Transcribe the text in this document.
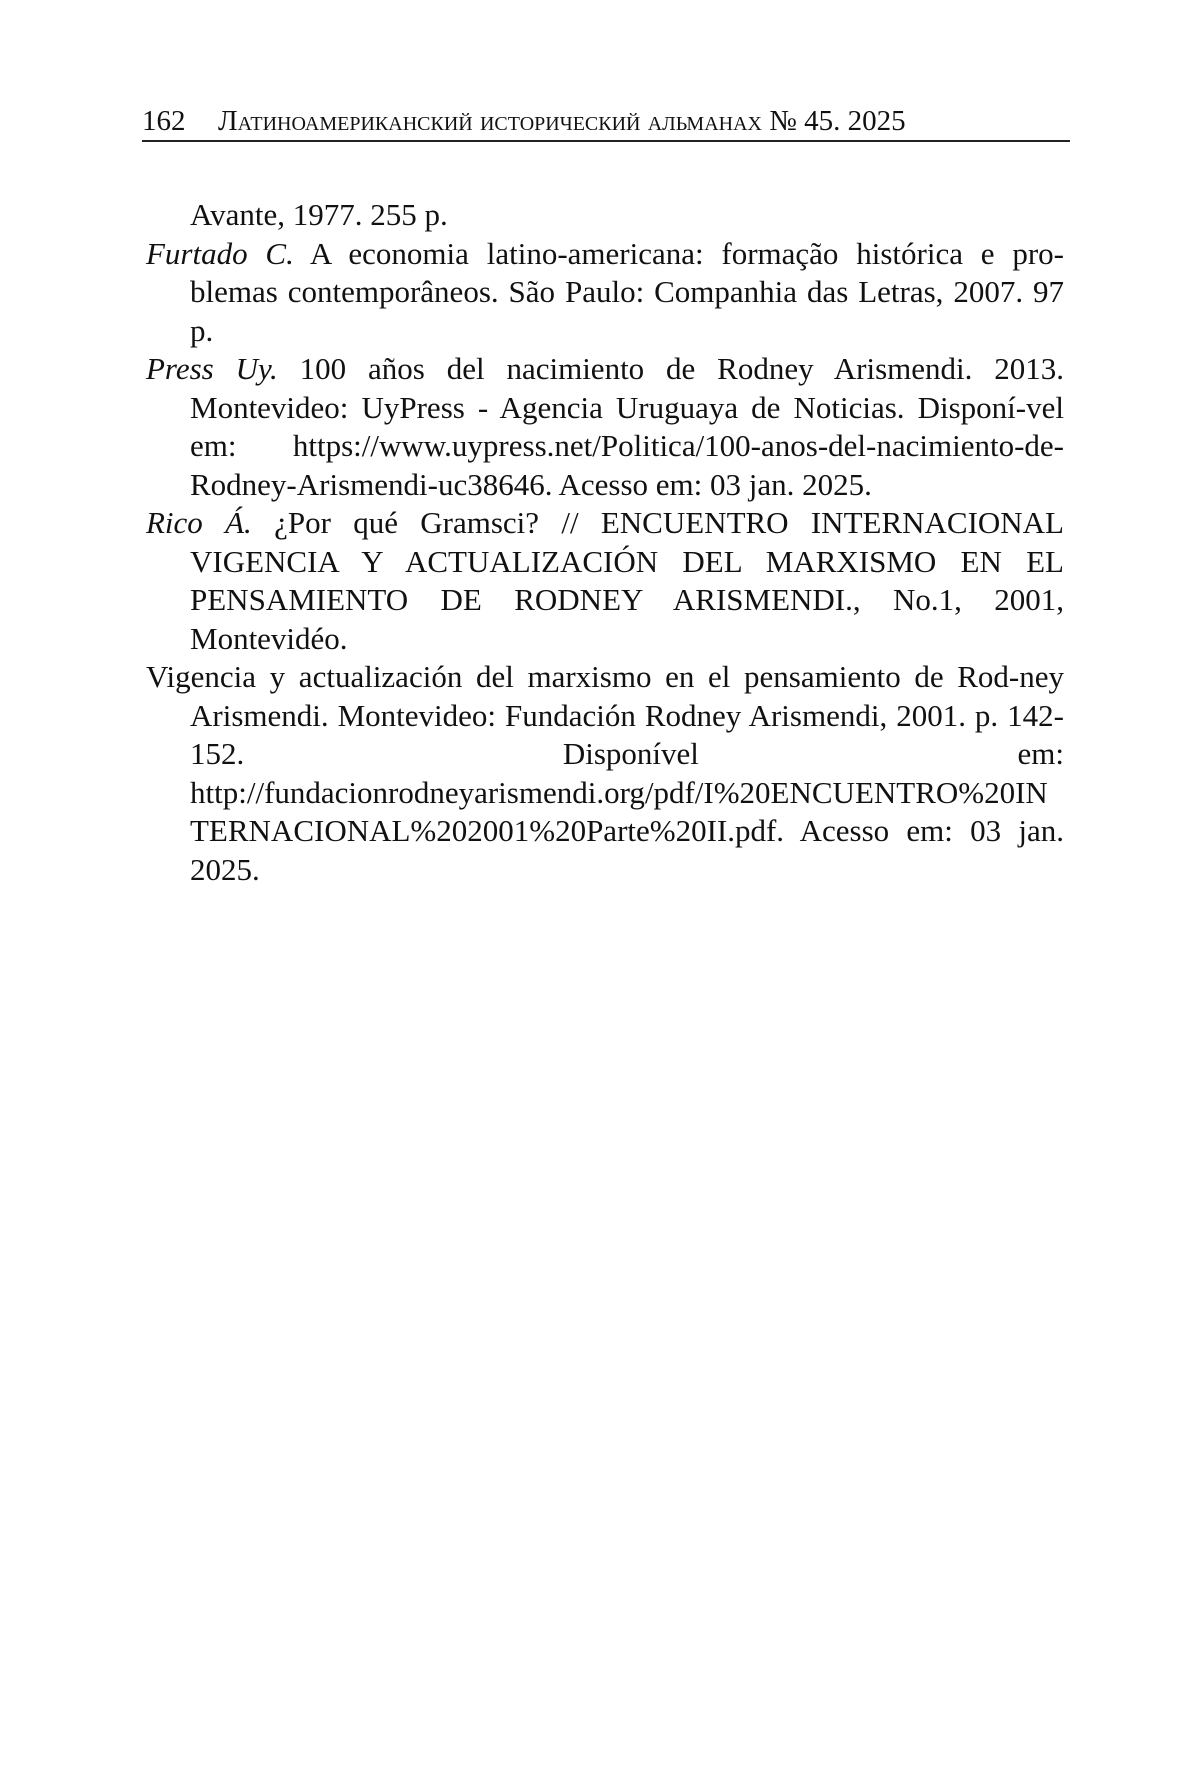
162 Латиноамериканский исторический альманах № 45. 2025

Avante, 1977. 255 p.

Furtado C. A economia latino-americana: formação histórica e pro-blemas contemporâneos. São Paulo: Companhia das Letras, 2007. 97 p.

Press Uy. 100 años del nacimiento de Rodney Arismendi. 2013. Montevideo: UyPress - Agencia Uruguaya de Noticias. Disponí-vel em: https://www.uypress.net/Politica/100-anos-del-nacimiento-de-Rodney-Arismendi-uc38646. Acesso em: 03 jan. 2025.

Rico Á. ¿Por qué Gramsci? // ENCUENTRO INTERNACIONAL VIGENCIA Y ACTUALIZACIÓN DEL MARXISMO EN EL PENSAMIENTO DE RODNEY ARISMENDI., No.1, 2001, Montevidéo.

Vigencia y actualización del marxismo en el pensamiento de Rod-ney Arismendi. Montevideo: Fundación Rodney Arismendi, 2001. p. 142-152. Disponível em: http://fundacionrodneyarismendi.org/pdf/I%20ENCUENTRO%20INTERNACIONAL%202001%20Parte%20II.pdf. Acesso em: 03 jan. 2025.
